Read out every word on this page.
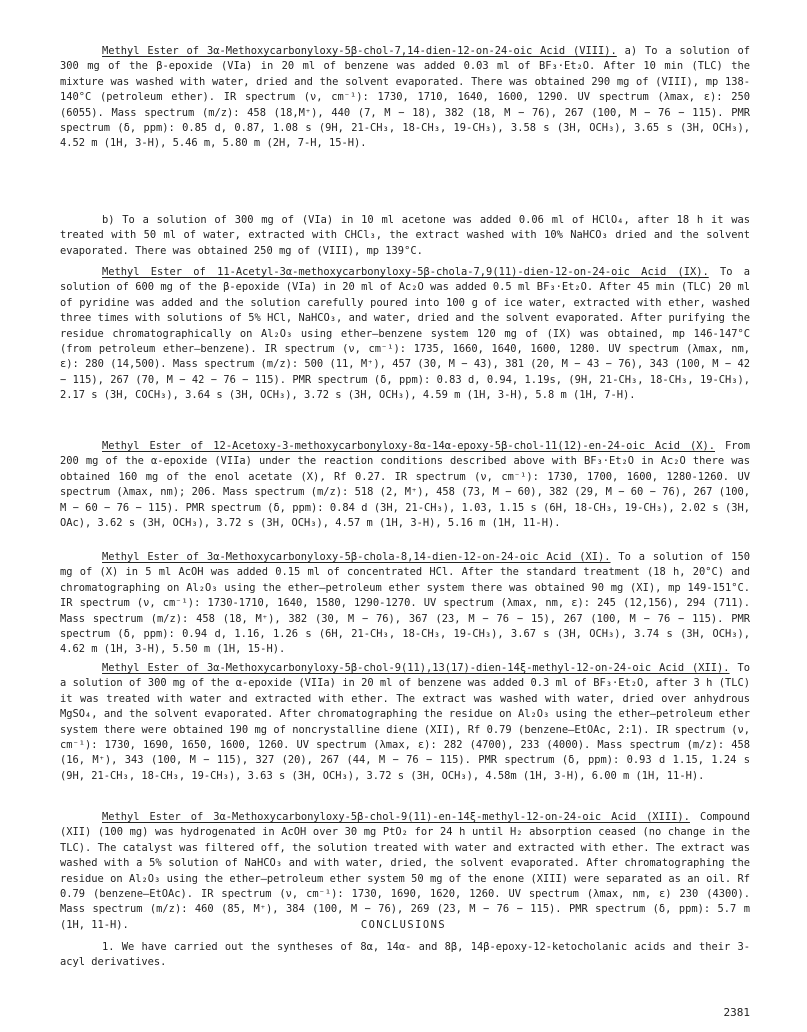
Methyl Ester of 3α-Methoxycarbonyloxy-5β-chol-7,14-dien-12-on-24-oic Acid (VIII). a) To a solution of 300 mg of the β-epoxide (VIa) in 20 ml of benzene was added 0.03 ml of BF₃·Et₂O. After 10 min (TLC) the mixture was washed with water, dried and the solvent evaporated. There was obtained 290 mg of (VIII), mp 138-140°C (petroleum ether). IR spectrum (ν, cm⁻¹): 1730, 1710, 1640, 1600, 1290. UV spectrum (λmax, ε): 250 (6055). Mass spectrum (m/z): 458 (18,M⁺), 440 (7, M − 18), 382 (18, M − 76), 267 (100, M − 76 − 115). PMR spectrum (δ, ppm): 0.85 d, 0.87, 1.08 s (9H, 21-CH₃, 18-CH₃, 19-CH₃), 3.58 s (3H, OCH₃), 3.65 s (3H, OCH₃), 4.52 m (1H, 3-H), 5.46 m, 5.80 m (2H, 7-H, 15-H).

b) To a solution of 300 mg of (VIa) in 10 ml acetone was added 0.06 ml of HClO₄, after 18 h it was treated with 50 ml of water, extracted with CHCl₃, the extract washed with 10% NaHCO₃ dried and the solvent evaporated. There was obtained 250 mg of (VIII), mp 139°C.

Methyl Ester of 11-Acetyl-3α-methoxycarbonyloxy-5β-chola-7,9(11)-dien-12-on-24-oic Acid (IX). To a solution of 600 mg of the β-epoxide (VIa) in 20 ml of Ac₂O was added 0.5 ml BF₃·Et₂O. After 45 min (TLC) 20 ml of pyridine was added and the solution carefully poured into 100 g of ice water, extracted with ether, washed three times with solutions of 5% HCl, NaHCO₃, and water, dried and the solvent evaporated. After purifying the residue chromatographically on Al₂O₃ using ether–benzene system 120 mg of (IX) was obtained, mp 146-147°C (from petroleum ether–benzene). IR spectrum (ν, cm⁻¹): 1735, 1660, 1640, 1600, 1280. UV spectrum (λmax, nm, ε): 280 (14,500). Mass spectrum (m/z): 500 (11, M⁺), 457 (30, M − 43), 381 (20, M − 43 − 76), 343 (100, M − 42 − 115), 267 (70, M − 42 − 76 − 115). PMR spectrum (δ, ppm): 0.83 d, 0.94, 1.19s, (9H, 21-CH₃, 18-CH₃, 19-CH₃), 2.17 s (3H, COCH₃), 3.64 s (3H, OCH₃), 3.72 s (3H, OCH₃), 4.59 m (1H, 3-H), 5.8 m (1H, 7-H).

Methyl Ester of 12-Acetoxy-3-methoxycarbonyloxy-8α-14α-epoxy-5β-chol-11(12)-en-24-oic Acid (X). From 200 mg of the α-epoxide (VIIa) under the reaction conditions described above with BF₃·Et₂O in Ac₂O there was obtained 160 mg of the enol acetate (X), Rf 0.27. IR spectrum (ν, cm⁻¹): 1730, 1700, 1600, 1280-1260. UV spectrum (λmax, nm); 206. Mass spectrum (m/z): 518 (2, M⁺), 458 (73, M − 60), 382 (29, M − 60 − 76), 267 (100, M − 60 − 76 − 115). PMR spectrum (δ, ppm): 0.84 d (3H, 21-CH₃), 1.03, 1.15 s (6H, 18-CH₃, 19-CH₃), 2.02 s (3H, OAc), 3.62 s (3H, OCH₃), 3.72 s (3H, OCH₃), 4.57 m (1H, 3-H), 5.16 m (1H, 11-H).

Methyl Ester of 3α-Methoxycarbonyloxy-5β-chola-8,14-dien-12-on-24-oic Acid (XI). To a solution of 150 mg of (X) in 5 ml AcOH was added 0.15 ml of concentrated HCl. After the standard treatment (18 h, 20°C) and chromatographing on Al₂O₃ using the ether–petroleum ether system there was obtained 90 mg (XI), mp 149-151°C. IR spectrum (ν, cm⁻¹): 1730-1710, 1640, 1580, 1290-1270. UV spectrum (λmax, nm, ε): 245 (12,156), 294 (711). Mass spectrum (m/z): 458 (18, M⁺), 382 (30, M − 76), 367 (23, M − 76 − 15), 267 (100, M − 76 − 115). PMR spectrum (δ, ppm): 0.94 d, 1.16, 1.26 s (6H, 21-CH₃, 18-CH₃, 19-CH₃), 3.67 s (3H, OCH₃), 3.74 s (3H, OCH₃), 4.62 m (1H, 3-H), 5.50 m (1H, 15-H).

Methyl Ester of 3α-Methoxycarbonyloxy-5β-chol-9(11),13(17)-dien-14ξ-methyl-12-on-24-oic Acid (XII). To a solution of 300 mg of the α-epoxide (VIIa) in 20 ml of benzene was added 0.3 ml of BF₃·Et₂O, after 3 h (TLC) it was treated with water and extracted with ether. The extract was washed with water, dried over anhydrous MgSO₄, and the solvent evaporated. After chromatographing the residue on Al₂O₃ using the ether–petroleum ether system there were obtained 190 mg of noncrystalline diene (XII), Rf 0.79 (benzene–EtOAc, 2:1). IR spectrum (ν, cm⁻¹): 1730, 1690, 1650, 1600, 1260. UV spectrum (λmax, ε): 282 (4700), 233 (4000). Mass spectrum (m/z): 458 (16, M⁺), 343 (100, M − 115), 327 (20), 267 (44, M − 76 − 115). PMR spectrum (δ, ppm): 0.93 d 1.15, 1.24 s (9H, 21-CH₃, 18-CH₃, 19-CH₃), 3.63 s (3H, OCH₃), 3.72 s (3H, OCH₃), 4.58m (1H, 3-H), 6.00 m (1H, 11-H).

Methyl Ester of 3α-Methoxycarbonyloxy-5β-chol-9(11)-en-14ξ-methyl-12-on-24-oic Acid (XIII). Compound (XII) (100 mg) was hydrogenated in AcOH over 30 mg PtO₂ for 24 h until H₂ absorption ceased (no change in the TLC). The catalyst was filtered off, the solution treated with water and extracted with ether. The extract was washed with a 5% solution of NaHCO₃ and with water, dried, the solvent evaporated. After chromatographing the residue on Al₂O₃ using the ether–petroleum ether system 50 mg of the enone (XIII) were separated as an oil. Rf 0.79 (benzene–EtOAc). IR spectrum (ν, cm⁻¹): 1730, 1690, 1620, 1260. UV spectrum (λmax, nm, ε) 230 (4300). Mass spectrum (m/z): 460 (85, M⁺), 384 (100, M − 76), 269 (23, M − 76 − 115). PMR spectrum (δ, ppm): 5.7 m (1H, 11-H).	CONCLUSIONS

1. We have carried out the syntheses of 8α, 14α- and 8β, 14β-epoxy-12-ketocholanic acids and their 3-acyl derivatives.

2381
